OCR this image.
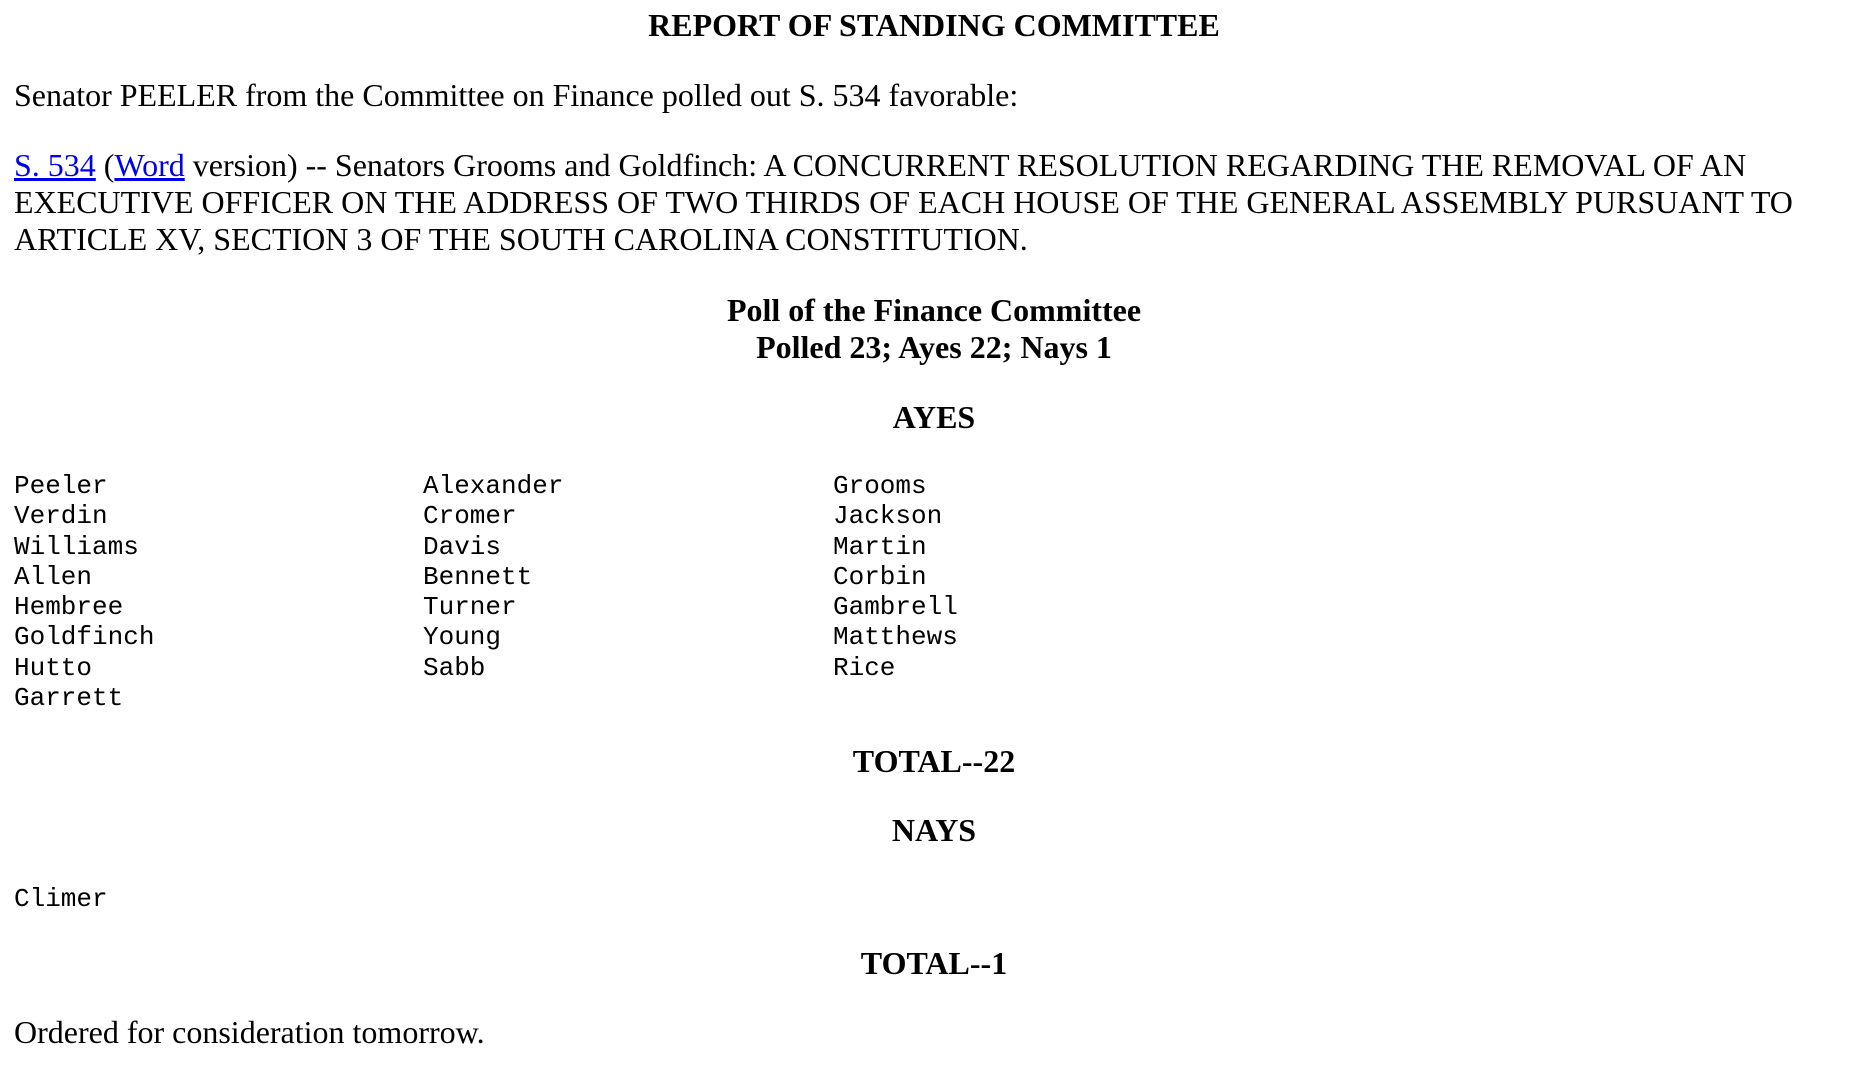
REPORT OF STANDING COMMITTEE
Senator PEELER from the Committee on Finance polled out S. 534 favorable:
S. 534 (Word version) -- Senators Grooms and Goldfinch: A CONCURRENT RESOLUTION REGARDING THE REMOVAL OF AN EXECUTIVE OFFICER ON THE ADDRESS OF TWO THIRDS OF EACH HOUSE OF THE GENERAL ASSEMBLY PURSUANT TO ARTICLE XV, SECTION 3 OF THE SOUTH CAROLINA CONSTITUTION.
Poll of the Finance Committee
Polled 23; Ayes 22; Nays 1
AYES
Peeler
Verdin
Williams
Allen
Hembree
Goldfinch
Hutto
Garrett
Alexander
Cromer
Davis
Bennett
Turner
Young
Sabb
Grooms
Jackson
Martin
Corbin
Gambrell
Matthews
Rice
TOTAL--22
NAYS
Climer
TOTAL--1
Ordered for consideration tomorrow.
